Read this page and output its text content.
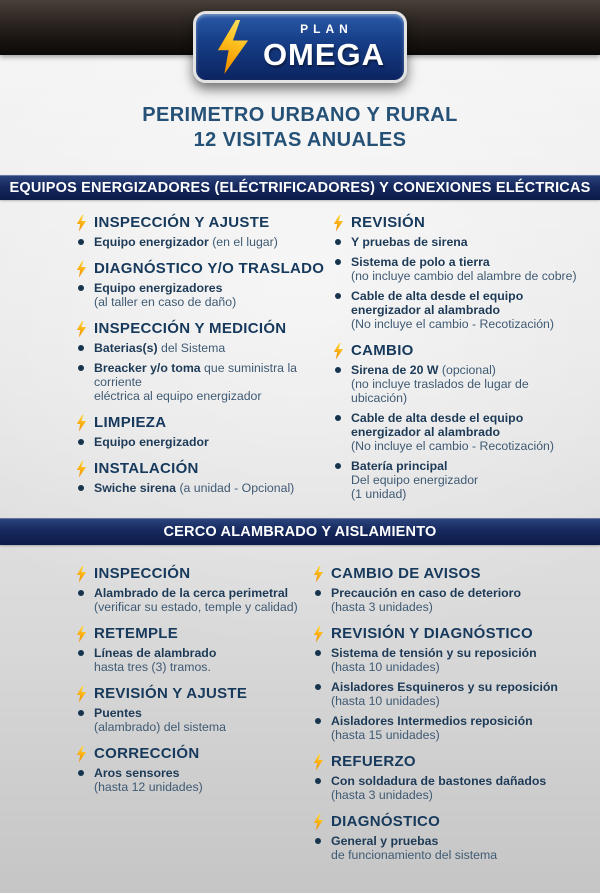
PLAN
OMEGA
PERIMETRO URBANO Y RURAL
12 VISITAS ANUALES
EQUIPOS ENERGIZADORES (ELÉCTRIFICADORES) Y CONEXIONES ELÉCTRICAS
INSPECCIÓN Y AJUSTE
Equipo energizador (en el lugar)
DIAGNÓSTICO Y/O TRASLADO
Equipo energizadores
(al taller en caso de daño)
INSPECCIÓN Y MEDICIÓN
Baterias(s) del Sistema
Breacker y/o toma que suministra la corriente
eléctrica al equipo energizador
LIMPIEZA
Equipo energizador
INSTALACIÓN
Swiche sirena (a unidad - Opcional)
REVISIÓN
Y pruebas de sirena
Sistema de polo a tierra
(no incluye cambio del alambre de cobre)
Cable de alta desde el equipo
energizador al alambrado
(No incluye el cambio - Recotización)
CAMBIO
Sirena de 20 W (opcional)
(no incluye traslados de lugar de ubicación)
Cable de alta desde el equipo
energizador al alambrado
(No incluye el cambio - Recotización)
Batería principal
Del equipo energizador
(1 unidad)
CERCO ALAMBRADO Y AISLAMIENTO
INSPECCIÓN
Alambrado de la cerca perimetral
(verificar su estado, temple y calidad)
RETEMPLE
Líneas de alambrado
hasta tres (3) tramos.
REVISIÓN Y AJUSTE
Puentes
(alambrado) del sistema
CORRECCIÓN
Aros sensores
(hasta 12 unidades)
CAMBIO DE AVISOS
Precaución en caso de deterioro
(hasta 3 unidades)
REVISIÓN Y DIAGNÓSTICO
Sistema de tensión y su reposición
(hasta 10 unidades)
Aisladores Esquineros y su reposición
(hasta 10 unidades)
Aisladores Intermedios reposición
(hasta 15 unidades)
REFUERZO
Con soldadura de bastones dañados
(hasta 3 unidades)
DIAGNÓSTICO
General y pruebas
de funcionamiento del sistema
